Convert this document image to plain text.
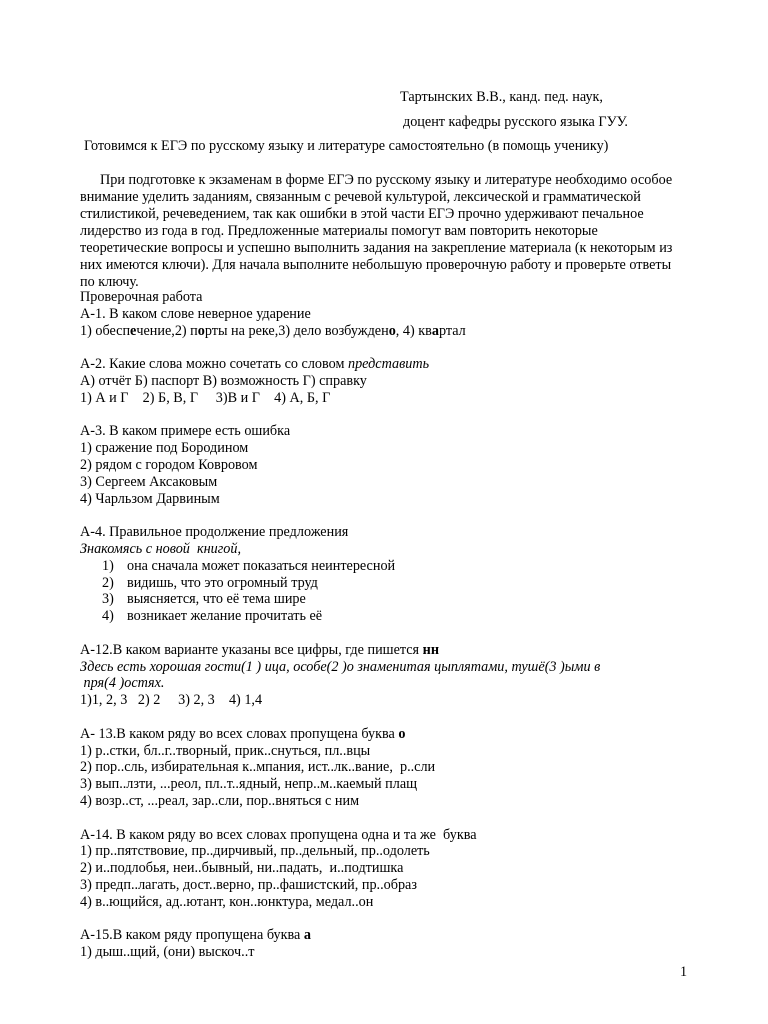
Тартынских В.В., канд. пед. наук,
доцент кафедры русского языка ГУУ.
Готовимся к ЕГЭ по русскому языку и литературе самостоятельно (в помощь ученику)

При подготовке к экзаменам в форме ЕГЭ по русскому языку и литературе необходимо особое внимание уделить заданиям, связанным с речевой культурой, лексической и грамматической стилистикой, речеведением, так как ошибки в этой части ЕГЭ прочно удерживают печальное лидерство из года в год. Предложенные материалы помогут вам повторить некоторые теоретические вопросы и успешно выполнить задания на закрепление материала (к некоторым из них имеются ключи). Для начала выполните небольшую проверочную работу и проверьте ответы по ключу.

Проверочная работа
А-1. В каком слове неверное ударение
1) обеспечение,2) порты на реке,3) дело возбуждено, 4) квартал
А-2. Какие слова можно сочетать со словом представить
А) отчёт Б) паспорт В) возможность Г) справку
1) А и Г    2) Б, В, Г     3)В и Г    4) А, Б, Г
А-3. В каком примере есть ошибка
1) сражение под Бородином
2) рядом с городом Ковровом
3) Сергеем Аксаковым
4) Чарльзом Дарвиным
А-4. Правильное продолжение предложения
Знакомясь с новой  книгой,
1) она сначала может показаться неинтересной
2) видишь, что это огромный труд
3) выясняется, что её тема шире
4) возникает желание прочитать её
А-12.В каком варианте указаны все цифры, где пишется нн
Здесь есть хорошая гости(1 ) ица, особе(2 )о знаменитая цыплятами, тушё(3 )ыми в
пря(4 )остях.
1)1, 2, 3   2) 2     3) 2, 3    4) 1,4
А- 13.В каком ряду во всех словах пропущена буква о
1) р..стки, бл..г..творный, прик..снуться, пл..вцы
2) пор..сль, избирательная к..мпания, ист..лк..вание,  р..сли
3) вып..лзти, ...реол, пл..т..ядный, непр..м..каемый плащ
4) возр..ст, ...реал, зар..сли, пор..вняться с ним
А-14. В каком ряду во всех словах пропущена одна и та же  буква
1) пр..пятствовие, пр..дирчивый, пр..дельный, пр..одолеть
2) и..подлобья, неи..бывный, ни..падать,  и..подтишка
3) предп..лагать, дост..верно, пр..фашистский, пр..образ
4) в..ющийся, ад..ютант, кон..юнктура, медал..он
А-15.В каком ряду пропущена буква а
1) дыш..щий, (они) выскоч..т
1
